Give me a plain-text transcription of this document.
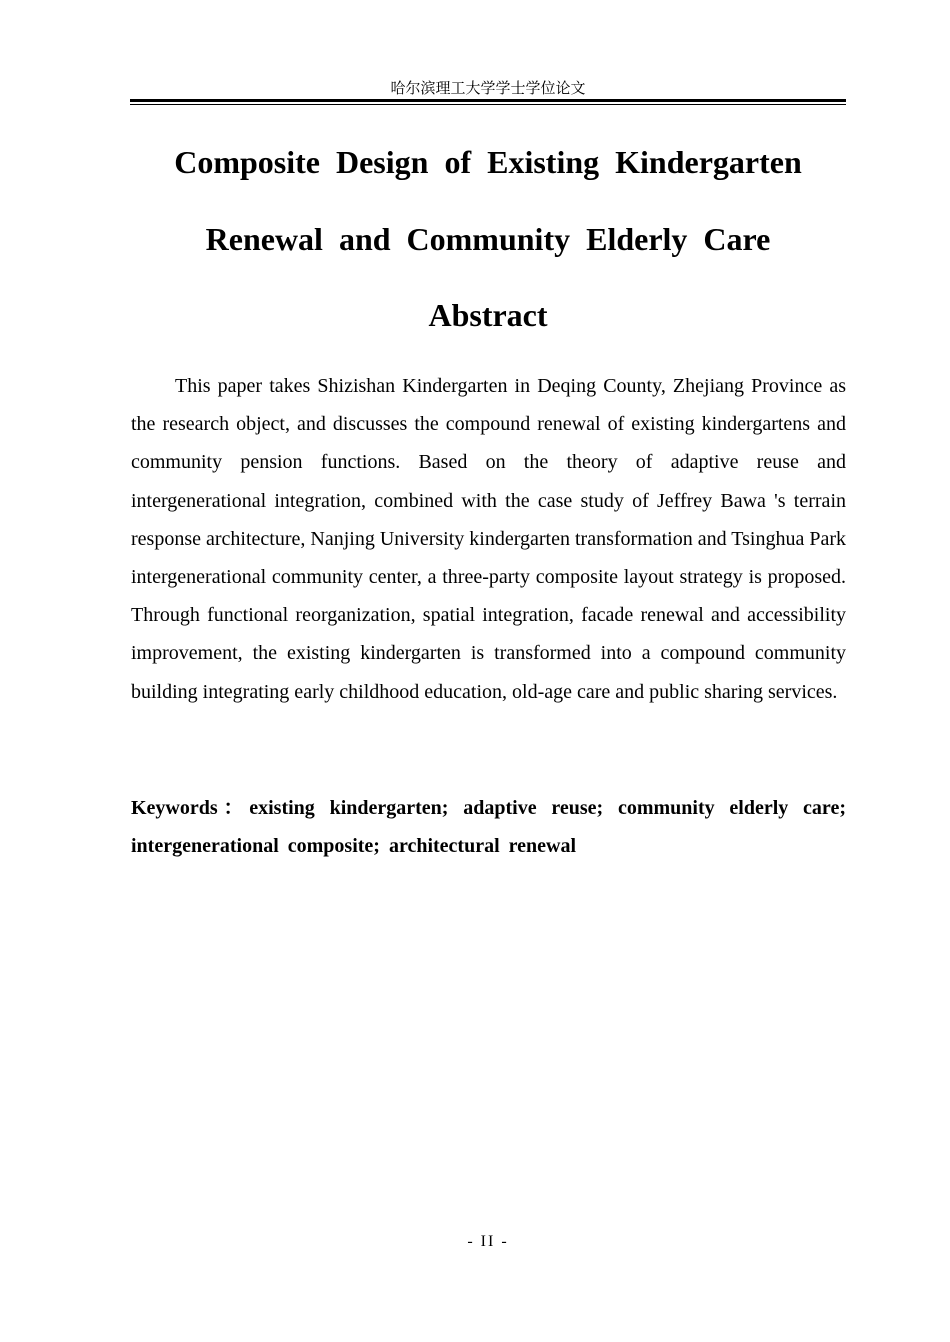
哈尔滨理工大学学士学位论文
Composite Design of Existing Kindergarten Renewal and Community Elderly Care
Abstract

This paper takes Shizishan Kindergarten in Deqing County, Zhejiang Province as the research object, and discusses the compound renewal of existing kindergartens and community pension functions. Based on the theory of adaptive reuse and intergenerational integration, combined with the case study of Jeffrey Bawa 's terrain response architecture, Nanjing University kindergarten transformation and Tsinghua Park intergenerational community center, a three-party composite layout strategy is proposed. Through functional reorganization, spatial integration, facade renewal and accessibility improvement, the existing kindergarten is transformed into a compound community building integrating early childhood education, old-age care and public sharing services.

Keywords：existing kindergarten; adaptive reuse; community elderly care; intergenerational composite; architectural renewal

- II -
